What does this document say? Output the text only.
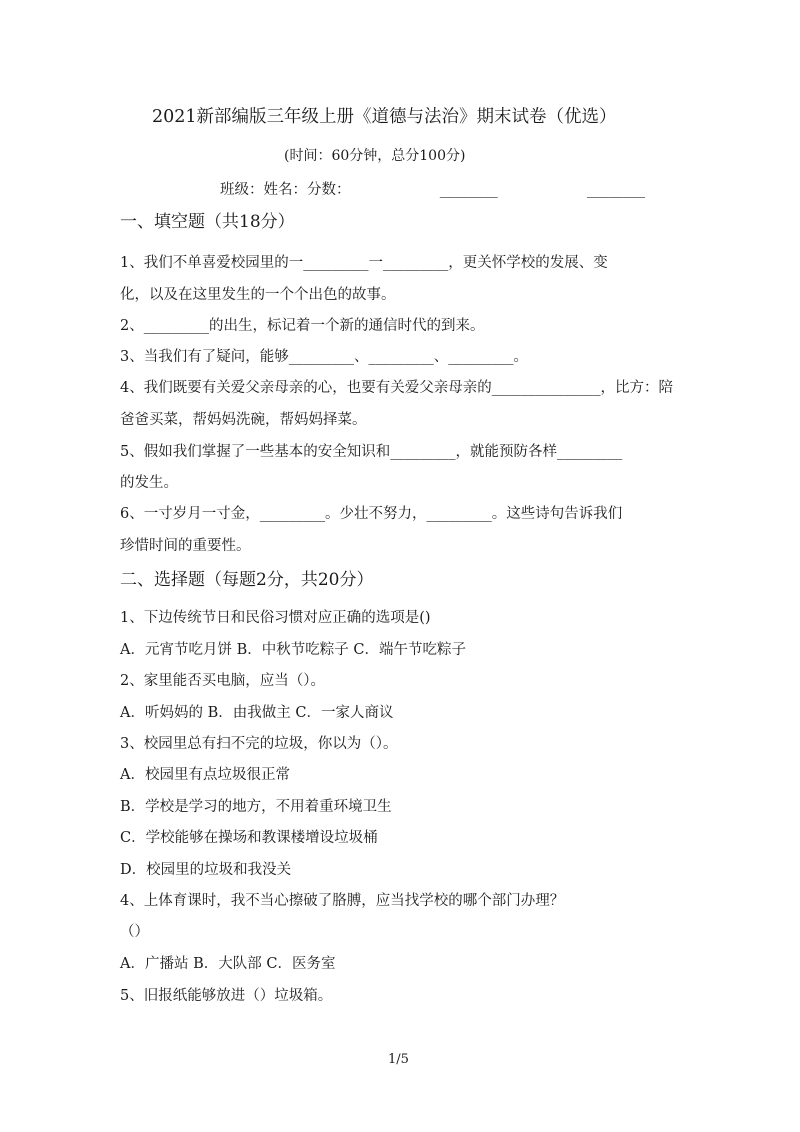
2021新部编版三年级上册《道德与法治》期末试卷（优选）
(时间：60分钟，总分100分)
班级：姓名：分数：	________	________
一、填空题（共18分）
1、我们不单喜爱校园里的一_________一_________，更关怀学校的发展、变
化，以及在这里发生的一个个出色的故事。
2、_________的出生，标记着一个新的通信时代的到来。
3、当我们有了疑问，能够_________、_________、_________。
4、我们既要有关爱父亲母亲的心，也要有关爱父亲母亲的_______________，比方：陪
爸爸买菜，帮妈妈洗碗，帮妈妈择菜。
5、假如我们掌握了一些基本的安全知识和_________，就能预防各样_________
的发生。
6、一寸岁月一寸金，_________。少壮不努力，_________。这些诗句告诉我们
珍惜时间的重要性。
二、选择题（每题2分，共20分）
1、下边传统节日和民俗习惯对应正确的选项是()
A．元宵节吃月饼 B．中秋节吃粽子 C．端午节吃粽子
2、家里能否买电脑，应当（）。
A．听妈妈的 B．由我做主 C．一家人商议
3、校园里总有扫不完的垃圾，你以为（）。
A．校园里有点垃圾很正常
B．学校是学习的地方，不用着重环境卫生
C．学校能够在操场和教课楼增设垃圾桶
D．校园里的垃圾和我没关
4、上体育课时，我不当心擦破了胳膊，应当找学校的哪个部门办理？
（）
A．广播站 B．大队部 C．医务室
5、旧报纸能够放进（）垃圾箱。
1/5
